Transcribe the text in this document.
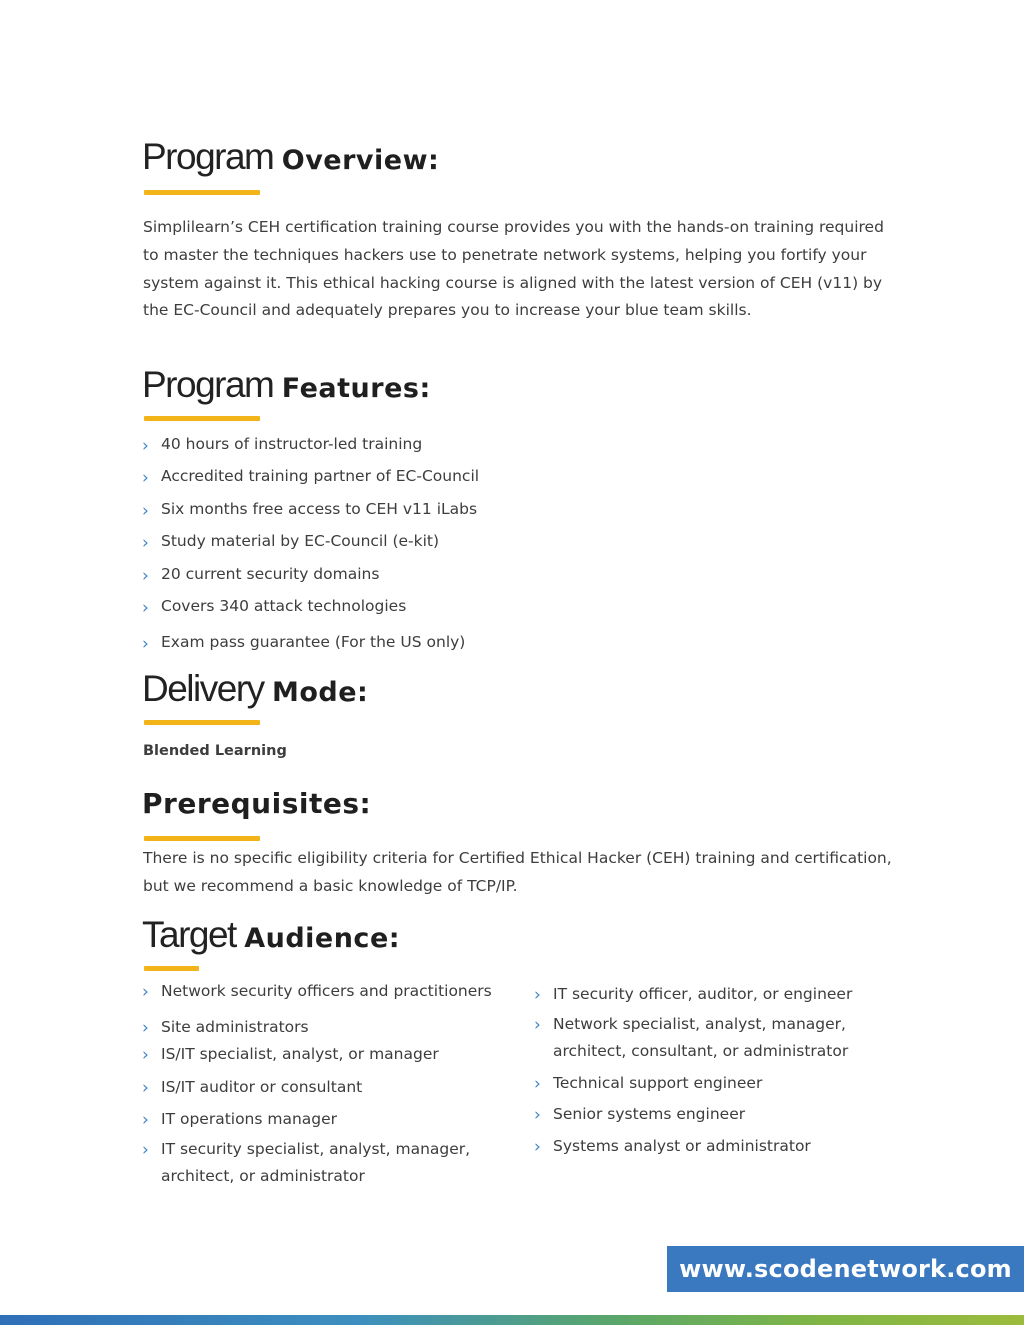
Program Overview:

Simplilearn’s CEH certification training course provides you with the hands-on training required to master the techniques hackers use to penetrate network systems, helping you fortify your system against it. This ethical hacking course is aligned with the latest version of CEH (v11) by the EC-Council and adequately prepares you to increase your blue team skills.

Program Features:
› 40 hours of instructor-led training
› Accredited training partner of EC-Council
› Six months free access to CEH v11 iLabs
› Study material by EC-Council (e-kit)
› 20 current security domains
› Covers 340 attack technologies
› Exam pass guarantee (For the US only)
Delivery Mode:

Blended Learning

Prerequisites:

There is no specific eligibility criteria for Certified Ethical Hacker (CEH) training and certification, but we recommend a basic knowledge of TCP/IP.

Target Audience:
› Network security officers and practitioners
› Site administrators
› IS/IT specialist, analyst, or manager
› IS/IT auditor or consultant
› IT operations manager
› IT security specialist, analyst, manager, architect, or administrator
› IT security officer, auditor, or engineer
› Network specialist, analyst, manager, architect, consultant, or administrator
› Technical support engineer
› Senior systems engineer
› Systems analyst or administrator
www.scodenetwork.com
